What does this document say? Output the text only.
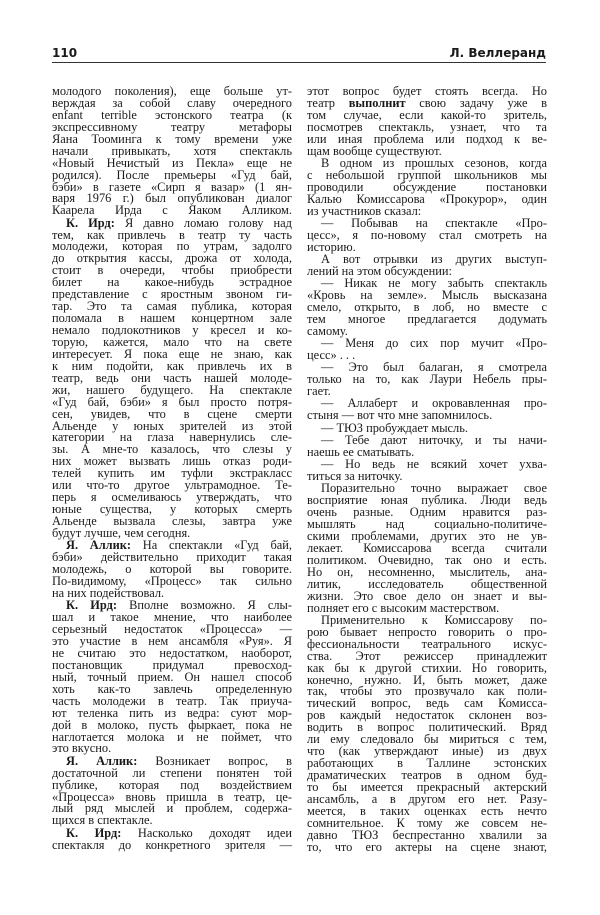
110	Л. Веллеранд
молодого поколения), еще больше ут-
верждая за собой славу очередного
enfant terrible эстонского театра (к
экспрессивному театру метафоры
Яана Тооминга к тому времени уже
начали привыкать, хотя спектакль
«Новый Нечистый из Пекла» еще не
родился). После премьеры «Гуд бай,
бэби» в газете «Сирп я вазар» (1 ян-
варя 1976 г.) был опубликован диалог
Каарела Ирда с Яаком Алликом.
К. Ирд: Я давно ломаю голову над
тем, как привлечь в театр ту часть
молодежи, которая по утрам, задолго
до открытия кассы, дрожа от холода,
стоит в очереди, чтобы приобрести
билет на какое-нибудь эстрадное
представление с яростным звоном ги-
тар. Это та самая публика, которая
поломала в нашем концертном зале
немало подлокотников у кресел и ко-
торую, кажется, мало что на свете
интересует. Я пока еще не знаю, как
к ним подойти, как привлечь их в
театр, ведь они часть нашей молоде-
жи, нашего будущего. На спектакле
«Гуд бай, бэби» я был просто потря-
сен, увидев, что в сцене смерти
Альенде у юных зрителей из этой
категории на глаза навернулись сле-
зы. А мне-то казалось, что слезы у
них может вызвать лишь отказ роди-
телей купить им туфли экстракласс
или что-то другое ультрамодное. Те-
перь я осмеливаюсь утверждать, что
юные существа, у которых смерть
Альенде вызвала слезы, завтра уже
будут лучше, чем сегодня.
Я. Аллик: На спектакли «Гуд бай,
бэби» действительно приходит такая
молодежь, о которой вы говорите.
По-видимому, «Процесс» так сильно
на них подействовал.
К. Ирд: Вполне возможно. Я слы-
шал и такое мнение, что наиболее
серьезный недостаток «Процесса» —
это участие в нем ансамбля «Руя». Я
не считаю это недостатком, наоборот,
постановщик придумал превосход-
ный, точный прием. Он нашел способ
хоть как-то завлечь определенную
часть молодежи в театр. Так приуча-
ют теленка пить из ведра: суют мор-
дой в молоко, пусть фыркает, пока не
наглотается молока и не поймет, что
это вкусно.
Я. Аллик: Возникает вопрос, в
достаточной ли степени понятен той
публике, которая под воздействием
«Процесса» вновь пришла в театр, це-
лый ряд мыслей и проблем, содержа-
щихся в спектакле.
К. Ирд: Насколько доходят идеи
спектакля до конкретного зрителя —
этот вопрос будет стоять всегда. Но
театр выполнит свою задачу уже в
том случае, если какой-то зритель,
посмотрев спектакль, узнает, что та
или иная проблема или подход к ве-
щам вообще существуют.
В одном из прошлых сезонов, когда
с небольшой группой школьников мы
проводили обсуждение постановки
Калью Комиссарова «Прокурор», один
из участников сказал:
— Побывав на спектакле «Про-
цесс», я по-новому стал смотреть на
историю.
А вот отрывки из других выступ-
лений на этом обсуждении:
— Никак не могу забыть спектакль
«Кровь на земле». Мысль высказана
смело, открыто, в лоб, но вместе с
тем многое предлагается додумать
самому.
— Меня до сих пор мучит «Про-
цесс» . . .
— Это был балаган, я смотрела
только на то, как Лаури Небель пры-
гает.
— Аллаберт и окровавленная про-
стыня — вот что мне запомнилось.
— ТЮЗ пробуждает мысль.
— Тебе дают ниточку, и ты начи-
наешь ее сматывать.
— Но ведь не всякий хочет ухва-
титься за ниточку.
Поразительно точно выражает свое
восприятие юная публика. Люди ведь
очень разные. Одним нравится раз-
мышлять над социально-политиче-
скими проблемами, других это не ув-
лекает. Комиссарова всегда считали
политиком. Очевидно, так оно и есть.
Но он, несомненно, мыслитель, ана-
литик, исследователь общественной
жизни. Это свое дело он знает и вы-
полняет его с высоким мастерством.
Применительно к Комиссарову по-
рою бывает непросто говорить о про-
фессиональности театрального искус-
ства. Этот режиссер принадлежит
как бы к другой стихии. Но говорить,
конечно, нужно. И, быть может, даже
так, чтобы это прозвучало как поли-
тический вопрос, ведь сам Комисса-
ров каждый недостаток склонен воз-
водить в вопрос политический. Вряд
ли ему следовало бы мириться с тем,
что (как утверждают иные) из двух
работающих в Таллине эстонских
драматических театров в одном буд-
то бы имеется прекрасный актерский
ансамбль, а в другом его нет. Разу-
меется, в таких оценках есть нечто
сомнительное. К тому же совсем не-
давно ТЮЗ беспрестанно хвалили за
то, что его актеры на сцене знают,
